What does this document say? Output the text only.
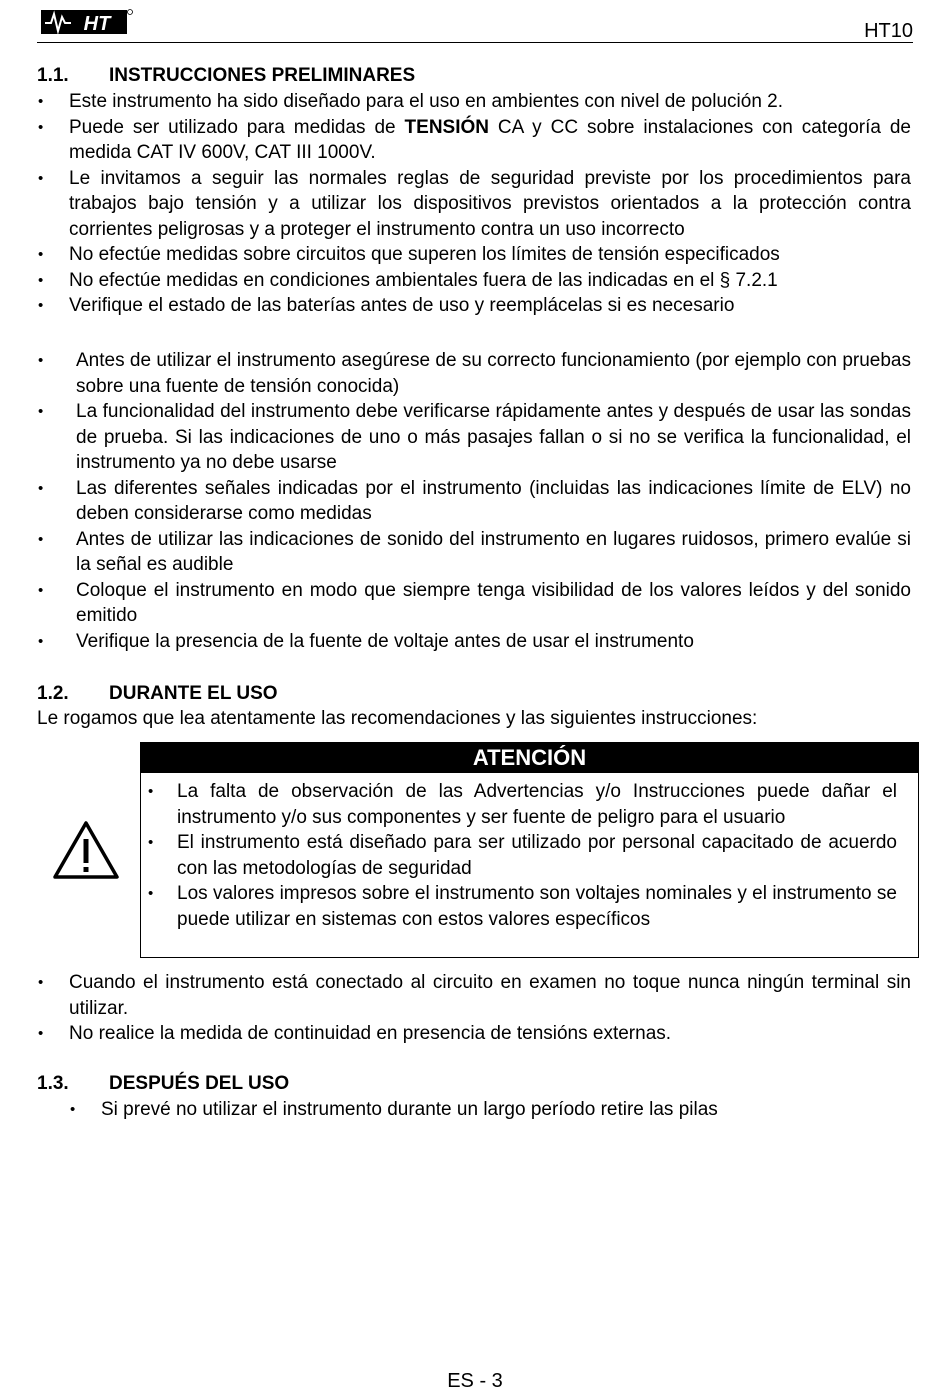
HT	HT10
1.1. INSTRUCCIONES PRELIMINARES
• Este instrumento ha sido diseñado para el uso en ambientes con nivel de polución 2.
• Puede ser utilizado para medidas de TENSIÓN CA y CC sobre instalaciones con categoría de medida CAT IV 600V, CAT III 1000V.
• Le invitamos a seguir las normales reglas de seguridad previste por los procedimientos para trabajos bajo tensión y a utilizar los dispositivos previstos orientados a la protección contra corrientes peligrosas y a proteger el instrumento contra un uso incorrecto
• No efectúe medidas sobre circuitos que superen los límites de tensión especificados
• No efectúe medidas en condiciones ambientales fuera de las indicadas en el § 7.2.1
• Verifique el estado de las baterías antes de uso y reemplácelas si es necesario
• Antes de utilizar el instrumento asegúrese de su correcto funcionamiento (por ejemplo con pruebas sobre una fuente de tensión conocida)
• La funcionalidad del instrumento debe verificarse rápidamente antes y después de usar las sondas de prueba. Si las indicaciones de uno o más pasajes fallan o si no se verifica la funcionalidad, el instrumento ya no debe usarse
• Las diferentes señales indicadas por el instrumento (incluidas las indicaciones límite de ELV) no deben considerarse como medidas
• Antes de utilizar las indicaciones de sonido del instrumento en lugares ruidosos, primero evalúe si la señal es audible
• Coloque el instrumento en modo que siempre tenga visibilidad de los valores leídos y del sonido emitido
• Verifique la presencia de la fuente de voltaje antes de usar el instrumento
1.2. DURANTE EL USO
Le rogamos que lea atentamente las recomendaciones y las siguientes instrucciones:
ATENCIÓN
• La falta de observación de las Advertencias y/o Instrucciones puede dañar el instrumento y/o sus componentes y ser fuente de peligro para el usuario
• El instrumento está diseñado para ser utilizado por personal capacitado de acuerdo con las metodologías de seguridad
• Los valores impresos sobre el instrumento son voltajes nominales y el instrumento se puede utilizar en sistemas con estos valores específicos
• Cuando el instrumento está conectado al circuito en examen no toque nunca ningún terminal sin utilizar.
• No realice la medida de continuidad en presencia de tensións externas.
1.3. DESPUÉS DEL USO
• Si prevé no utilizar el instrumento durante un largo período retire las pilas
ES - 3
